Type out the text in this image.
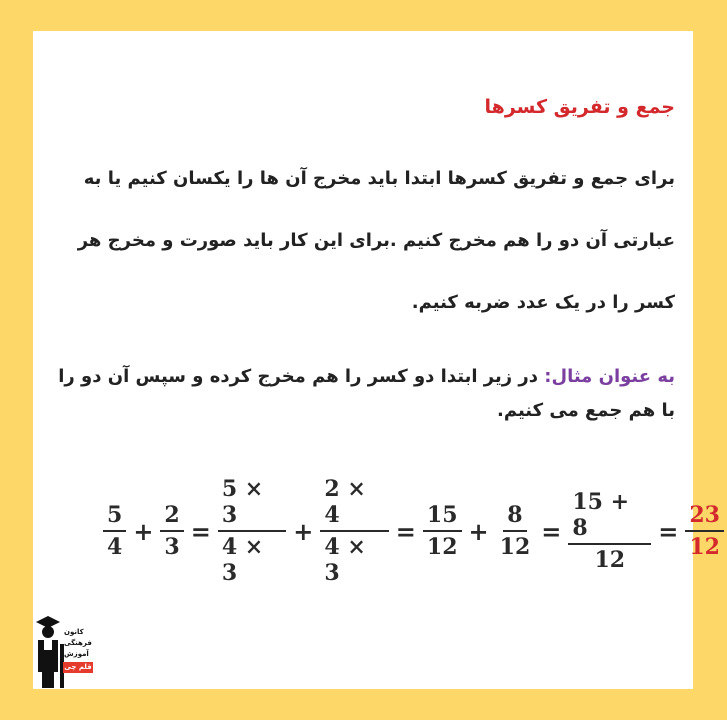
جمع و تفریق کسرها
برای جمع و تفریق کسرها ابتدا باید مخرج آن ها را یکسان کنیم یا به عبارتی آن دو را هم مخرج کنیم .برای این کار باید صورت و مخرج هر کسر را در یک عدد ضربه کنیم.
به عنوان مثال: در زیر ابتدا دو کسر را هم مخرج کرده و سپس آن دو را با هم جمع می کنیم.
$\frac{5}{4} + \frac{2}{3} = \frac{5 \times 3}{4 \times 3} + \frac{2 \times 4}{4 \times 3} = \frac{15}{12} + \frac{8}{12} = \frac{15 + 8}{12} = \frac{23}{12}$
کانون
فرهنگی
آموزش
قلم چی
